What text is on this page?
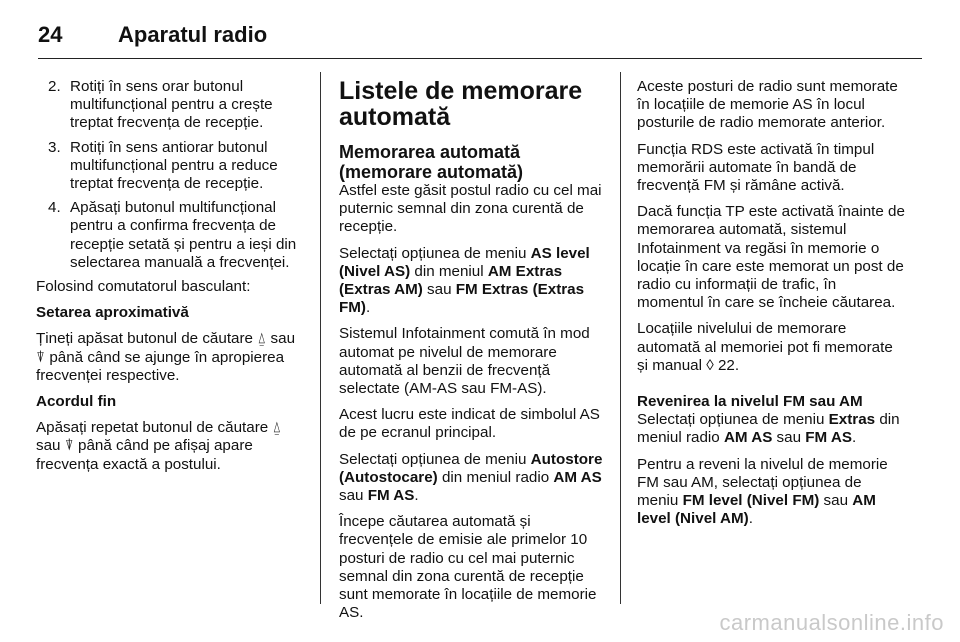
24	Aparatul radio
2. Rotiți în sens orar butonul multifuncțional pentru a crește treptat frecvența de recepție.
3. Rotiți în sens antiorar butonul multifuncțional pentru a reduce treptat frecvența de recepție.
4. Apăsați butonul multifuncțional pentru a confirma frecvența de recepție setată și pentru a ieși din selectarea manuală a frecvenței.

Folosind comutatorul basculant:

Setarea aproximativă

Țineți apăsat butonul de căutare ⍙ sau ⍒ până când se ajunge în apropierea frecvenței respective.

Acordul fin

Apăsați repetat butonul de căutare ⍙ sau ⍒ până când pe afișaj apare frecvența exactă a postului.

Listele de memorare automată
Memorarea automată (memorare automată)

Astfel este găsit postul radio cu cel mai puternic semnal din zona curentă de recepție.

Selectați opțiunea de meniu AS level (Nivel AS) din meniul AM Extras (Extras AM) sau FM Extras (Extras FM).

Sistemul Infotainment comută în mod automat pe nivelul de memorare automată al benzii de frecvență selectate (AM-AS sau FM-AS).

Acest lucru este indicat de simbolul AS de pe ecranul principal.

Selectați opțiunea de meniu Autostore (Autostocare) din meniul radio AM AS sau FM AS.

Începe căutarea automată și frecvențele de emisie ale primelor 10 posturi de radio cu cel mai puternic semnal din zona curentă de recepție sunt memorate în locațiile de memorie AS.

Aceste posturi de radio sunt memorate în locațiile de memorie AS în locul posturile de radio memorate anterior.

Funcția RDS este activată în timpul memorării automate în bandă de frecvență FM și rămâne activă.

Dacă funcția TP este activată înainte de memorarea automată, sistemul Infotainment va regăsi în memorie o locație în care este memorat un post de radio cu informații de trafic, în momentul în care se încheie căutarea.

Locațiile nivelului de memorare automată al memoriei pot fi memorate și manual ◊ 22.

Revenirea la nivelul FM sau AM

Selectați opțiunea de meniu Extras din meniul radio AM AS sau FM AS.

Pentru a reveni la nivelul de memorie FM sau AM, selectați opțiunea de meniu FM level (Nivel FM) sau AM level (Nivel AM).

carmanualsonline.info
